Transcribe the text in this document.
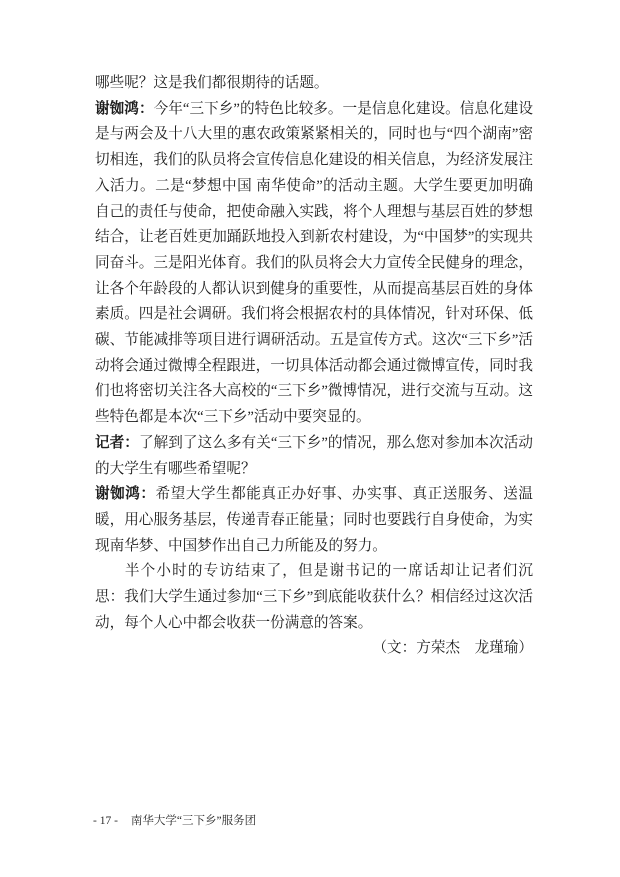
哪些呢？这是我们都很期待的话题。

谢铷鸿：今年“三下乡”的特色比较多。一是信息化建设。信息化建设是与两会及十八大里的惠农政策紧紧相关的，同时也与“四个湖南”密切相连，我们的队员将会宣传信息化建设的相关信息，为经济发展注入活力。二是“梦想中国 南华使命”的活动主题。大学生要更加明确自己的责任与使命，把使命融入实践，将个人理想与基层百姓的梦想结合，让老百姓更加踊跃地投入到新农村建设，为“中国梦”的实现共同奋斗。三是阳光体育。我们的队员将会大力宣传全民健身的理念，让各个年龄段的人都认识到健身的重要性，从而提高基层百姓的身体素质。四是社会调研。我们将会根据农村的具体情况，针对环保、低碳、节能减排等项目进行调研活动。五是宣传方式。这次“三下乡”活动将会通过微博全程跟进，一切具体活动都会通过微博宣传，同时我们也将密切关注各大高校的“三下乡”微博情况，进行交流与互动。这些特色都是本次“三下乡”活动中要突显的。

记者：了解到了这么多有关“三下乡”的情况，那么您对参加本次活动的大学生有哪些希望呢？

谢铷鸿：希望大学生都能真正办好事、办实事、真正送服务、送温暖，用心服务基层，传递青春正能量；同时也要践行自身使命，为实现南华梦、中国梦作出自己力所能及的努力。

半个小时的专访结束了，但是谢书记的一席话却让记者们沉思：我们大学生通过参加“三下乡”到底能收获什么？相信经过这次活动，每个人心中都会收获一份满意的答案。

（文：方荣杰　龙瑾瑜）

- 17 - 南华大学“三下乡”服务团
